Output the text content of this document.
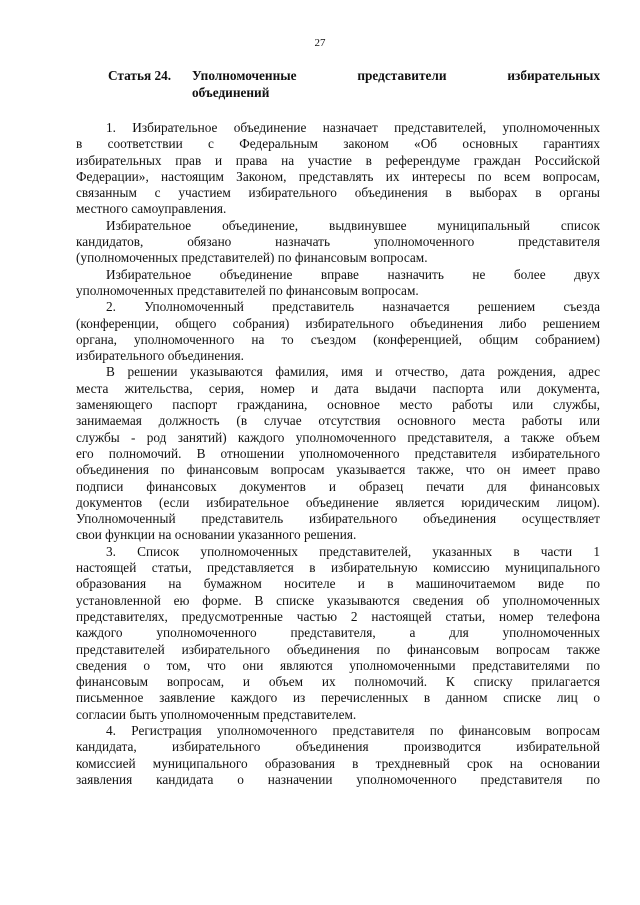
27
Статья 24. Уполномоченные представители избирательных
объединений

1. Избирательное объединение назначает представителей, уполномоченных
в соответствии с Федеральным законом «Об основных гарантиях
избирательных прав и права на участие в референдуме граждан Российской
Федерации», настоящим Законом, представлять их интересы по всем вопросам,
связанным с участием избирательного объединения в выборах в органы
местного самоуправления.

Избирательное объединение, выдвинувшее муниципальный список
кандидатов, обязано назначать уполномоченного представителя
(уполномоченных представителей) по финансовым вопросам.

Избирательное объединение вправе назначить не более двух
уполномоченных представителей по финансовым вопросам.

2. Уполномоченный представитель назначается решением съезда
(конференции, общего собрания) избирательного объединения либо решением
органа, уполномоченного на то съездом (конференцией, общим собранием)
избирательного объединения.

В решении указываются фамилия, имя и отчество, дата рождения, адрес
места жительства, серия, номер и дата выдачи паспорта или документа,
заменяющего паспорт гражданина, основное место работы или службы,
занимаемая должность (в случае отсутствия основного места работы или
службы - род занятий) каждого уполномоченного представителя, а также объем
его полномочий. В отношении уполномоченного представителя избирательного
объединения по финансовым вопросам указывается также, что он имеет право
подписи финансовых документов и образец печати для финансовых
документов (если избирательное объединение является юридическим лицом).
Уполномоченный представитель избирательного объединения осуществляет
свои функции на основании указанного решения.

3. Список уполномоченных представителей, указанных в части 1
настоящей статьи, представляется в избирательную комиссию муниципального
образования на бумажном носителе и в машиночитаемом виде по
установленной ею форме. В списке указываются сведения об уполномоченных
представителях, предусмотренные частью 2 настоящей статьи, номер телефона
каждого уполномоченного представителя, а для уполномоченных
представителей избирательного объединения по финансовым вопросам также
сведения о том, что они являются уполномоченными представителями по
финансовым вопросам, и объем их полномочий. К списку прилагается
письменное заявление каждого из перечисленных в данном списке лиц о
согласии быть уполномоченным представителем.

4. Регистрация уполномоченного представителя по финансовым вопросам
кандидата, избирательного объединения производится избирательной
комиссией муниципального образования в трехдневный срок на основании
заявления кандидата о назначении уполномоченного представителя по
